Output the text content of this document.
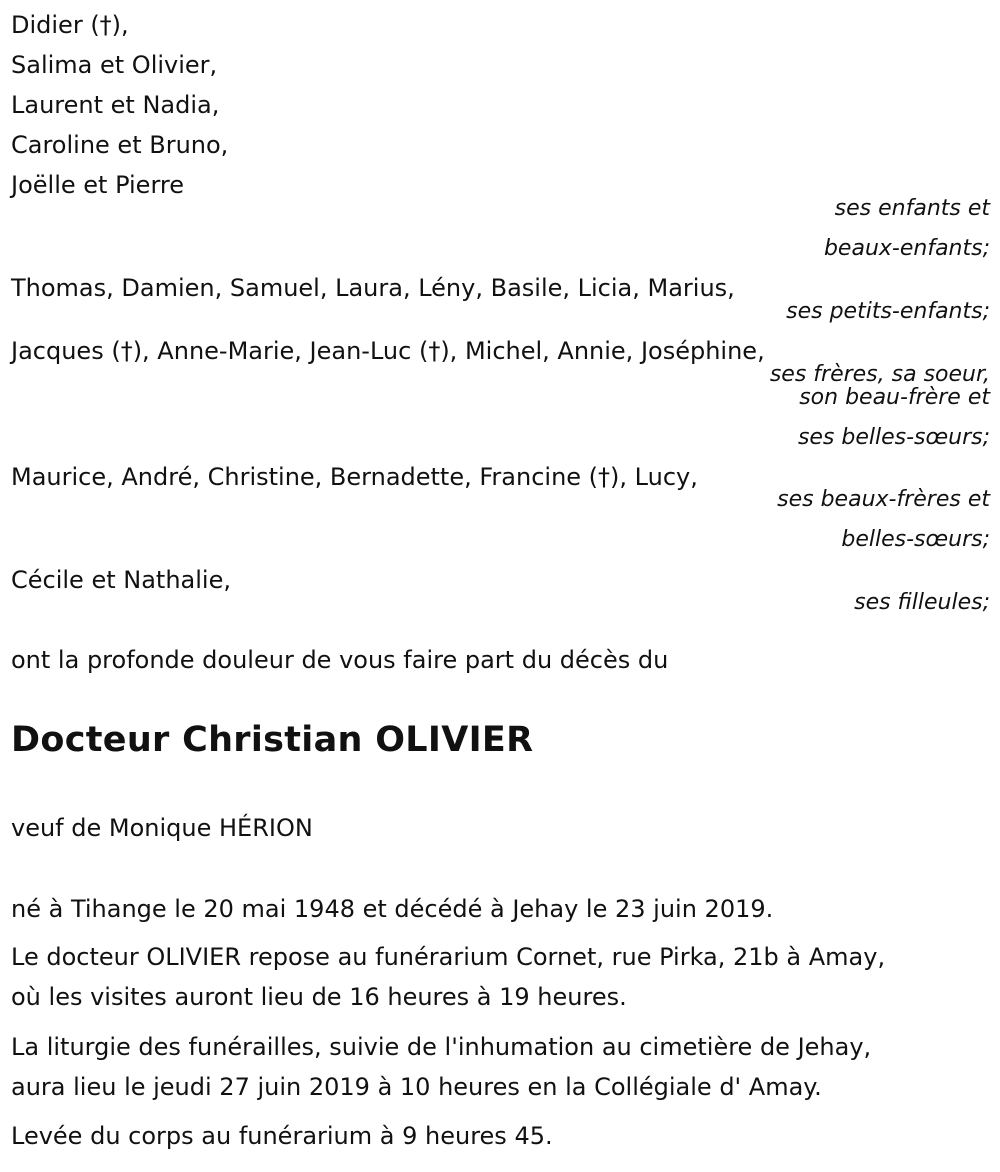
Didier (†),
Salima et Olivier,
Laurent et Nadia,
Caroline et Bruno,
Joëlle et Pierre
ses enfants et
beaux-enfants;
Thomas, Damien, Samuel, Laura, Lény, Basile, Licia, Marius,
ses petits-enfants;
Jacques (†), Anne-Marie, Jean-Luc (†), Michel, Annie, Joséphine,
ses frères, sa soeur,
son beau-frère et
ses belles-sœurs;
Maurice, André, Christine, Bernadette, Francine (†), Lucy,
ses beaux-frères et
belles-sœurs;
Cécile et Nathalie,
ses filleules;
ont la profonde douleur de vous faire part du décès du
Docteur Christian OLIVIER
veuf de Monique HÉRION
né à Tihange le 20 mai 1948 et décédé à Jehay le 23 juin 2019.
Le docteur OLIVIER repose au funérarium Cornet, rue Pirka, 21b à Amay,
où les visites auront lieu de 16 heures à 19 heures.
La liturgie des funérailles, suivie de l'inhumation au cimetière de Jehay,
aura lieu le jeudi 27 juin 2019 à 10 heures en la Collégiale d' Amay.
Levée du corps au funérarium à 9 heures 45.
